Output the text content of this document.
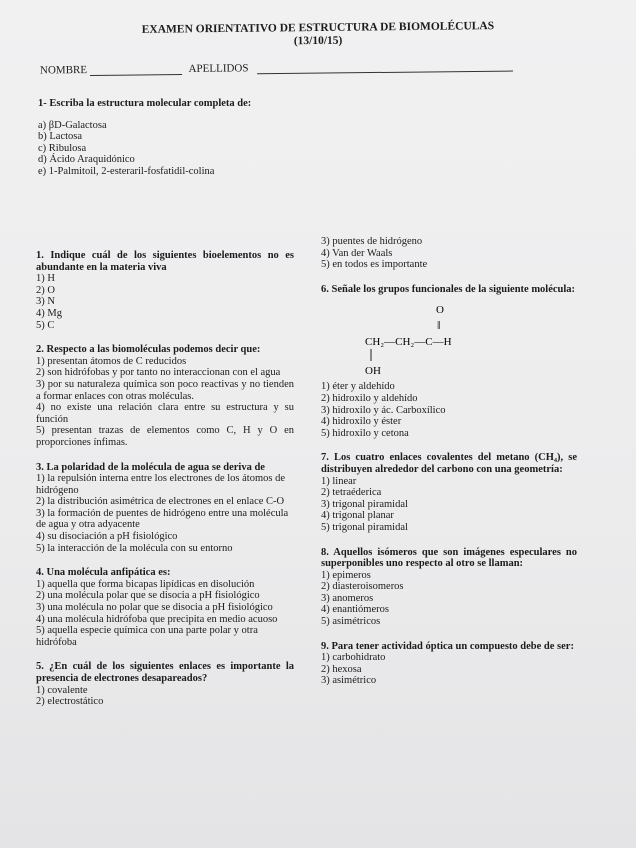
EXAMEN ORIENTATIVO DE ESTRUCTURA DE BIOMOLÉCULAS
(13/10/15)
NOMBRE	APELLIDOS
1- Escriba la estructura molecular completa de:
a) βD-Galactosa
b) Lactosa
c) Ribulosa
d) Ácido Araquidónico
e) 1-Palmitoil, 2-esteraril-fosfatidil-colina
1. Indique cuál de los siguientes bioelementos no es abundante en la materia viva
1) H
2) O
3) N
4) Mg
5) C
2. Respecto a las biomoléculas podemos decir que:
1) presentan átomos de C reducidos
2) son hidrófobas y por tanto no interaccionan con el agua
3) por su naturaleza química son poco reactivas y no tienden a formar enlaces con otras moléculas.
4) no existe una relación clara entre su estructura y su función
5) presentan trazas de elementos como C, H y O en proporciones ínfimas.
3. La polaridad de la molécula de agua se deriva de
1) la repulsión interna entre los electrones de los átomos de hidrógeno
2) la distribución asimétrica de electrones en el enlace C-O
3) la formación de puentes de hidrógeno entre una molécula de agua y otra adyacente
4) su disociación a pH fisiológico
5) la interacción de la molécula con su entorno
4. Una molécula anfipática es:
1) aquella que forma bicapas lipídicas en disolución
2) una molécula polar que se disocia a pH fisiológico
3) una molécula no polar que se disocia a pH fisiológico
4) una molécula hidrófoba que precipita en medio acuoso
5) aquella especie química con una parte polar y otra hidrófoba
5. ¿En cuál de los siguientes enlaces es importante la presencia de electrones desapareados?
1) covalente
2) electrostático
3) puentes de hidrógeno
4) Van der Waals
5) en todos es importante
6. Señale los grupos funcionales de la siguiente molécula:
O
‖
CH₂—CH₂—C—H
OH
1) éter y aldehído
2) hidroxilo y aldehído
3) hidroxilo y ác. Carboxílico
4) hidroxilo y éster
5) hidroxilo y cetona
7. Los cuatro enlaces covalentes del metano (CH₄), se distribuyen alrededor del carbono con una geometría:
1) linear
2) tetraéderica
3) trigonal piramidal
4) trigonal planar
5) trigonal piramidal
8. Aquellos isómeros que son imágenes especulares no superponibles uno respecto al otro se llaman:
1) epimeros
2) diasteroisomeros
3) anomeros
4) enantiómeros
5) asimétricos
9. Para tener actividad óptica un compuesto debe de ser:
1) carbohidrato
2) hexosa
3) asimétrico
